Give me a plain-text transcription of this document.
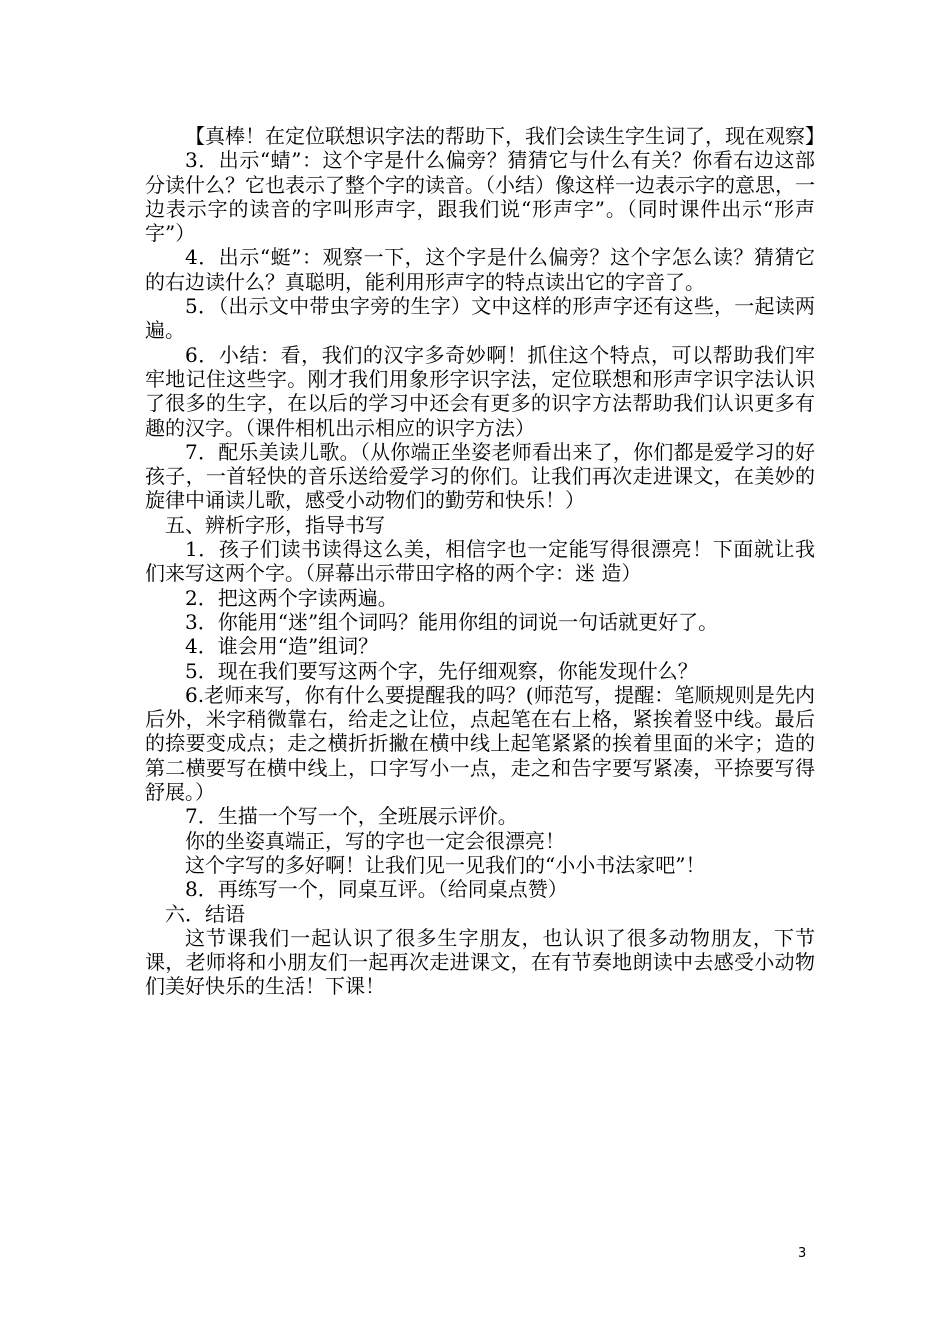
【真棒！在定位联想识字法的帮助下，我们会读生字生词了，现在观察】

3．出示“蜻”：这个字是什么偏旁？猜猜它与什么有关？你看右边这部分读什么？它也表示了整个字的读音。（小结）像这样一边表示字的意思，一边表示字的读音的字叫形声字，跟我们说“形声字”。（同时课件出示“形声字”）

4．出示“蜓”：观察一下，这个字是什么偏旁？这个字怎么读？猜猜它的右边读什么？真聪明，能利用形声字的特点读出它的字音了。

5．（出示文中带虫字旁的生字）文中这样的形声字还有这些，一起读两遍。

6．小结：看，我们的汉字多奇妙啊！抓住这个特点，可以帮助我们牢牢地记住这些字。刚才我们用象形字识字法，定位联想和形声字识字法认识了很多的生字，在以后的学习中还会有更多的识字方法帮助我们认识更多有趣的汉字。（课件相机出示相应的识字方法）

7．配乐美读儿歌。（从你端正坐姿老师看出来了，你们都是爱学习的好孩子，一首轻快的音乐送给爱学习的你们。让我们再次走进课文，在美妙的旋律中诵读儿歌，感受小动物们的勤劳和快乐！）

五、辨析字形，指导书写

1．孩子们读书读得这么美，相信字也一定能写得很漂亮！下面就让我们来写这两个字。（屏幕出示带田字格的两个字：迷 造）

2．把这两个字读两遍。

3．你能用“迷”组个词吗？能用你组的词说一句话就更好了。

4．谁会用“造”组词？

5．现在我们要写这两个字，先仔细观察，你能发现什么？

6.老师来写，你有什么要提醒我的吗？(师范写，提醒：笔顺规则是先内后外，米字稍微靠右，给走之让位，点起笔在右上格，紧挨着竖中线。最后的捺要变成点；走之横折折撇在横中线上起笔紧紧的挨着里面的米字；造的第二横要写在横中线上，口字写小一点，走之和告字要写紧凑，平捺要写得舒展。）

7．生描一个写一个，全班展示评价。

你的坐姿真端正，写的字也一定会很漂亮！

这个字写的多好啊！让我们见一见我们的“小小书法家吧”！

8．再练写一个，同桌互评。（给同桌点赞）

六．结语

这节课我们一起认识了很多生字朋友，也认识了很多动物朋友，下节课，老师将和小朋友们一起再次走进课文，在有节奏地朗读中去感受小动物们美好快乐的生活！下课！

3
